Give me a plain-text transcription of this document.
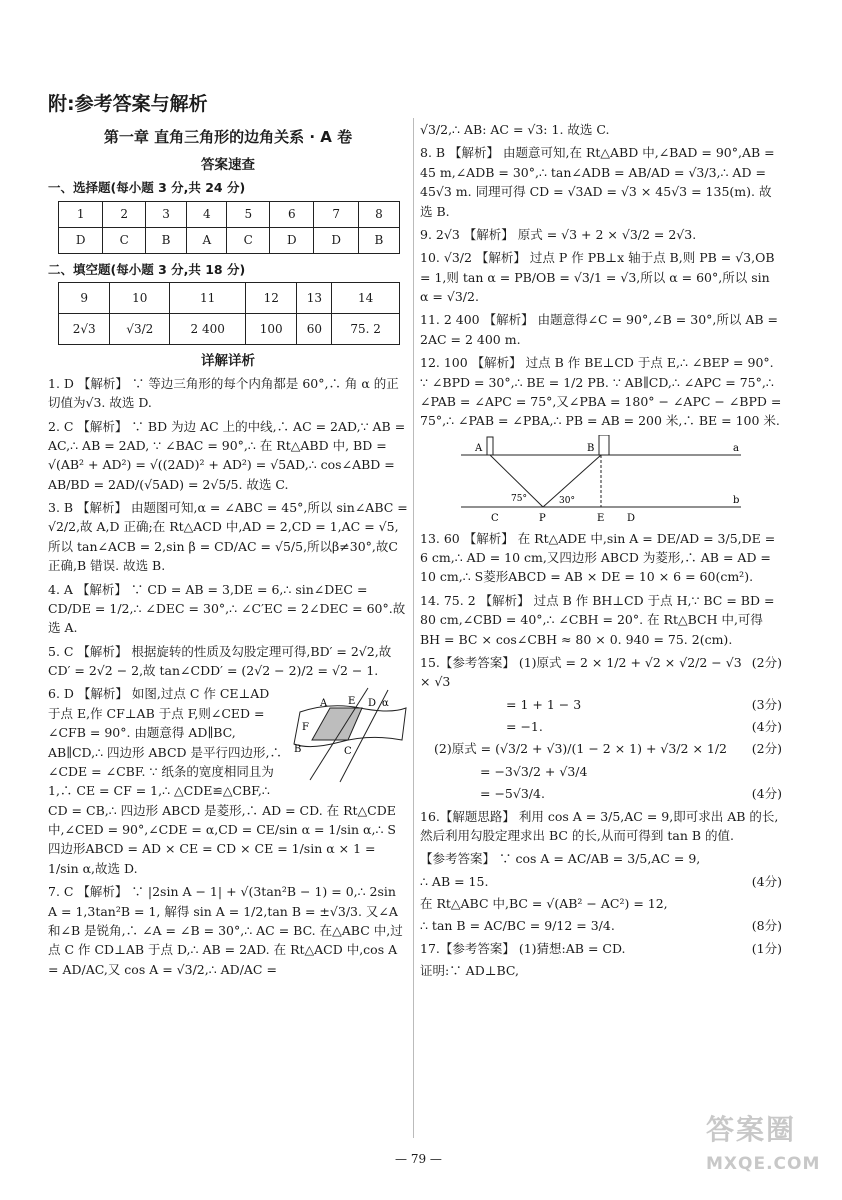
附:参考答案与解析
第一章 直角三角形的边角关系 · A 卷
答案速查
一、选择题(每小题 3 分,共 24 分)
1	2	3	4	5	6	7	8
D	C	B	A	C	D	D	B
二、填空题(每小题 3 分,共 18 分)
9	10	11	12	13	14
2√3	√3/2	2 400	100	60	75. 2
详解详析

1. D 【解析】 ∵ 等边三角形的每个内角都是 60°,∴ 角 α 的正切值为√3. 故选 D.

2. C 【解析】 ∵ BD 为边 AC 上的中线,∴ AC = 2AD,∵ AB = AC,∴ AB = 2AD, ∵ ∠BAC = 90°,∴ 在 Rt△ABD 中, BD = √(AB² + AD²) = √((2AD)² + AD²) = √5AD,∴ cos∠ABD = AB/BD = 2AD/(√5AD) = 2√5/5. 故选 C.

3. B 【解析】 由题图可知,α = ∠ABC = 45°,所以 sin∠ABC = √2/2,故 A,D 正确;在 Rt△ACD 中,AD = 2,CD = 1,AC = √5,所以 tan∠ACB = 2,sin β = CD/AC = √5/5,所以β≠30°,故C 正确,B 错误. 故选 B.

4. A 【解析】 ∵ CD = AB = 3,DE = 6,∴ sin∠DEC = CD/DE = 1/2,∴ ∠DEC = 30°,∴ ∠C′EC = 2∠DEC = 60°.故选 A.

5. C 【解析】 根据旋转的性质及勾股定理可得,BD′ = 2√2,故CD′ = 2√2 − 2,故 tan∠CDD′ = (2√2 − 2)/2 = √2 − 1.

A E D α
F
B	C

6. D 【解析】 如图,过点 C 作 CE⊥AD 于点 E,作 CF⊥AB 于点 F,则∠CED = ∠CFB = 90°. 由题意得 AD∥BC, AB∥CD,∴ 四边形 ABCD 是平行四边形,∴ ∠CDE = ∠CBF. ∵ 纸条的宽度相同且为 1,∴ CE = CF = 1,∴ △CDE≌△CBF,∴ CD = CB,∴ 四边形 ABCD 是菱形,∴ AD = CD. 在 Rt△CDE 中,∠CED = 90°,∠CDE = α,CD = CE/sin α = 1/sin α,∴ S四边形ABCD = AD × CE = CD × CE = 1/sin α × 1 = 1/sin α,故选 D.

7. C 【解析】 ∵ |2sin A − 1| + √(3tan²B − 1) = 0,∴ 2sin A = 1,3tan²B = 1, 解得 sin A = 1/2,tan B = ±√3/3. 又∠A 和∠B 是锐角,∴ ∠A = ∠B = 30°,∴ AC = BC. 在△ABC 中,过点 C 作 CD⊥AB 于点 D,∴ AB = 2AD. 在 Rt△ACD 中,cos A = AD/AC,又 cos A = √3/2,∴ AD/AC =

√3/2,∴ AB: AC = √3: 1. 故选 C.

8. B 【解析】 由题意可知,在 Rt△ABD 中,∠BAD = 90°,AB = 45 m,∠ADB = 30°,∴ tan∠ADB = AB/AD = √3/3,∴ AD = 45√3 m. 同理可得 CD = √3AD = √3 × 45√3 = 135(m). 故选 B.

9. 2√3 【解析】 原式 = √3 + 2 × √3/2 = 2√3.

10. √3/2 【解析】 过点 P 作 PB⊥x 轴于点 B,则 PB = √3,OB = 1,则 tan α = PB/OB = √3/1 = √3,所以 α = 60°,所以 sin α = √3/2.

11. 2 400 【解析】 由题意得∠C = 90°,∠B = 30°,所以 AB = 2AC = 2 400 m.

12. 100 【解析】 过点 B 作 BE⊥CD 于点 E,∴ ∠BEP = 90°. ∵ ∠BPD = 30°,∴ BE = 1/2 PB. ∵ AB∥CD,∴ ∠APC = 75°,∴ ∠PAB = ∠APC = 75°,又∠PBA = 180° − ∠APC − ∠BPD = 75°,∴ ∠PAB = ∠PBA,∴ PB = AB = 200 米,∴ BE = 100 米.

A	B	a
75°	30°
C	P	E D
b

13. 60 【解析】 在 Rt△ADE 中,sin A = DE/AD = 3/5,DE = 6 cm,∴ AD = 10 cm,又四边形 ABCD 为菱形,∴ AB = AD = 10 cm,∴ S菱形ABCD = AB × DE = 10 × 6 = 60(cm²).

14. 75. 2 【解析】 过点 B 作 BH⊥CD 于点 H,∵ BC = BD = 80 cm,∠CBD = 40°,∴ ∠CBH = 20°. 在 Rt△BCH 中,可得 BH = BC × cos∠CBH ≈ 80 × 0. 940 = 75. 2(cm).

(2分)
15.【参考答案】 (1)原式 = 2 × 1/2 + √2 × √2/2 − √3 × √3

(3分)
= 1 + 1 − 3

(4分)
= −1.

(2分)
(2)原式 = (√3/2 + √3)/(1 − 2 × 1) + √3/2 × 1/2

= −3√3/2 + √3/4

(4分)
= −5√3/4.

16.【解题思路】 利用 cos A = 3/5,AC = 9,即可求出 AB 的长,然后利用勾股定理求出 BC 的长,从而可得到 tan B 的值.

【参考答案】 ∵ cos A = AC/AB = 3/5,AC = 9,

(4分)
∴ AB = 15.

在 Rt△ABC 中,BC = √(AB² − AC²) = 12,

(8分)
∴ tan B = AC/BC = 9/12 = 3/4.

(1分)
17.【参考答案】 (1)猜想:AB = CD.

证明:∵ AD⊥BC,

— 79 —
答案圈
MXQE.COM
